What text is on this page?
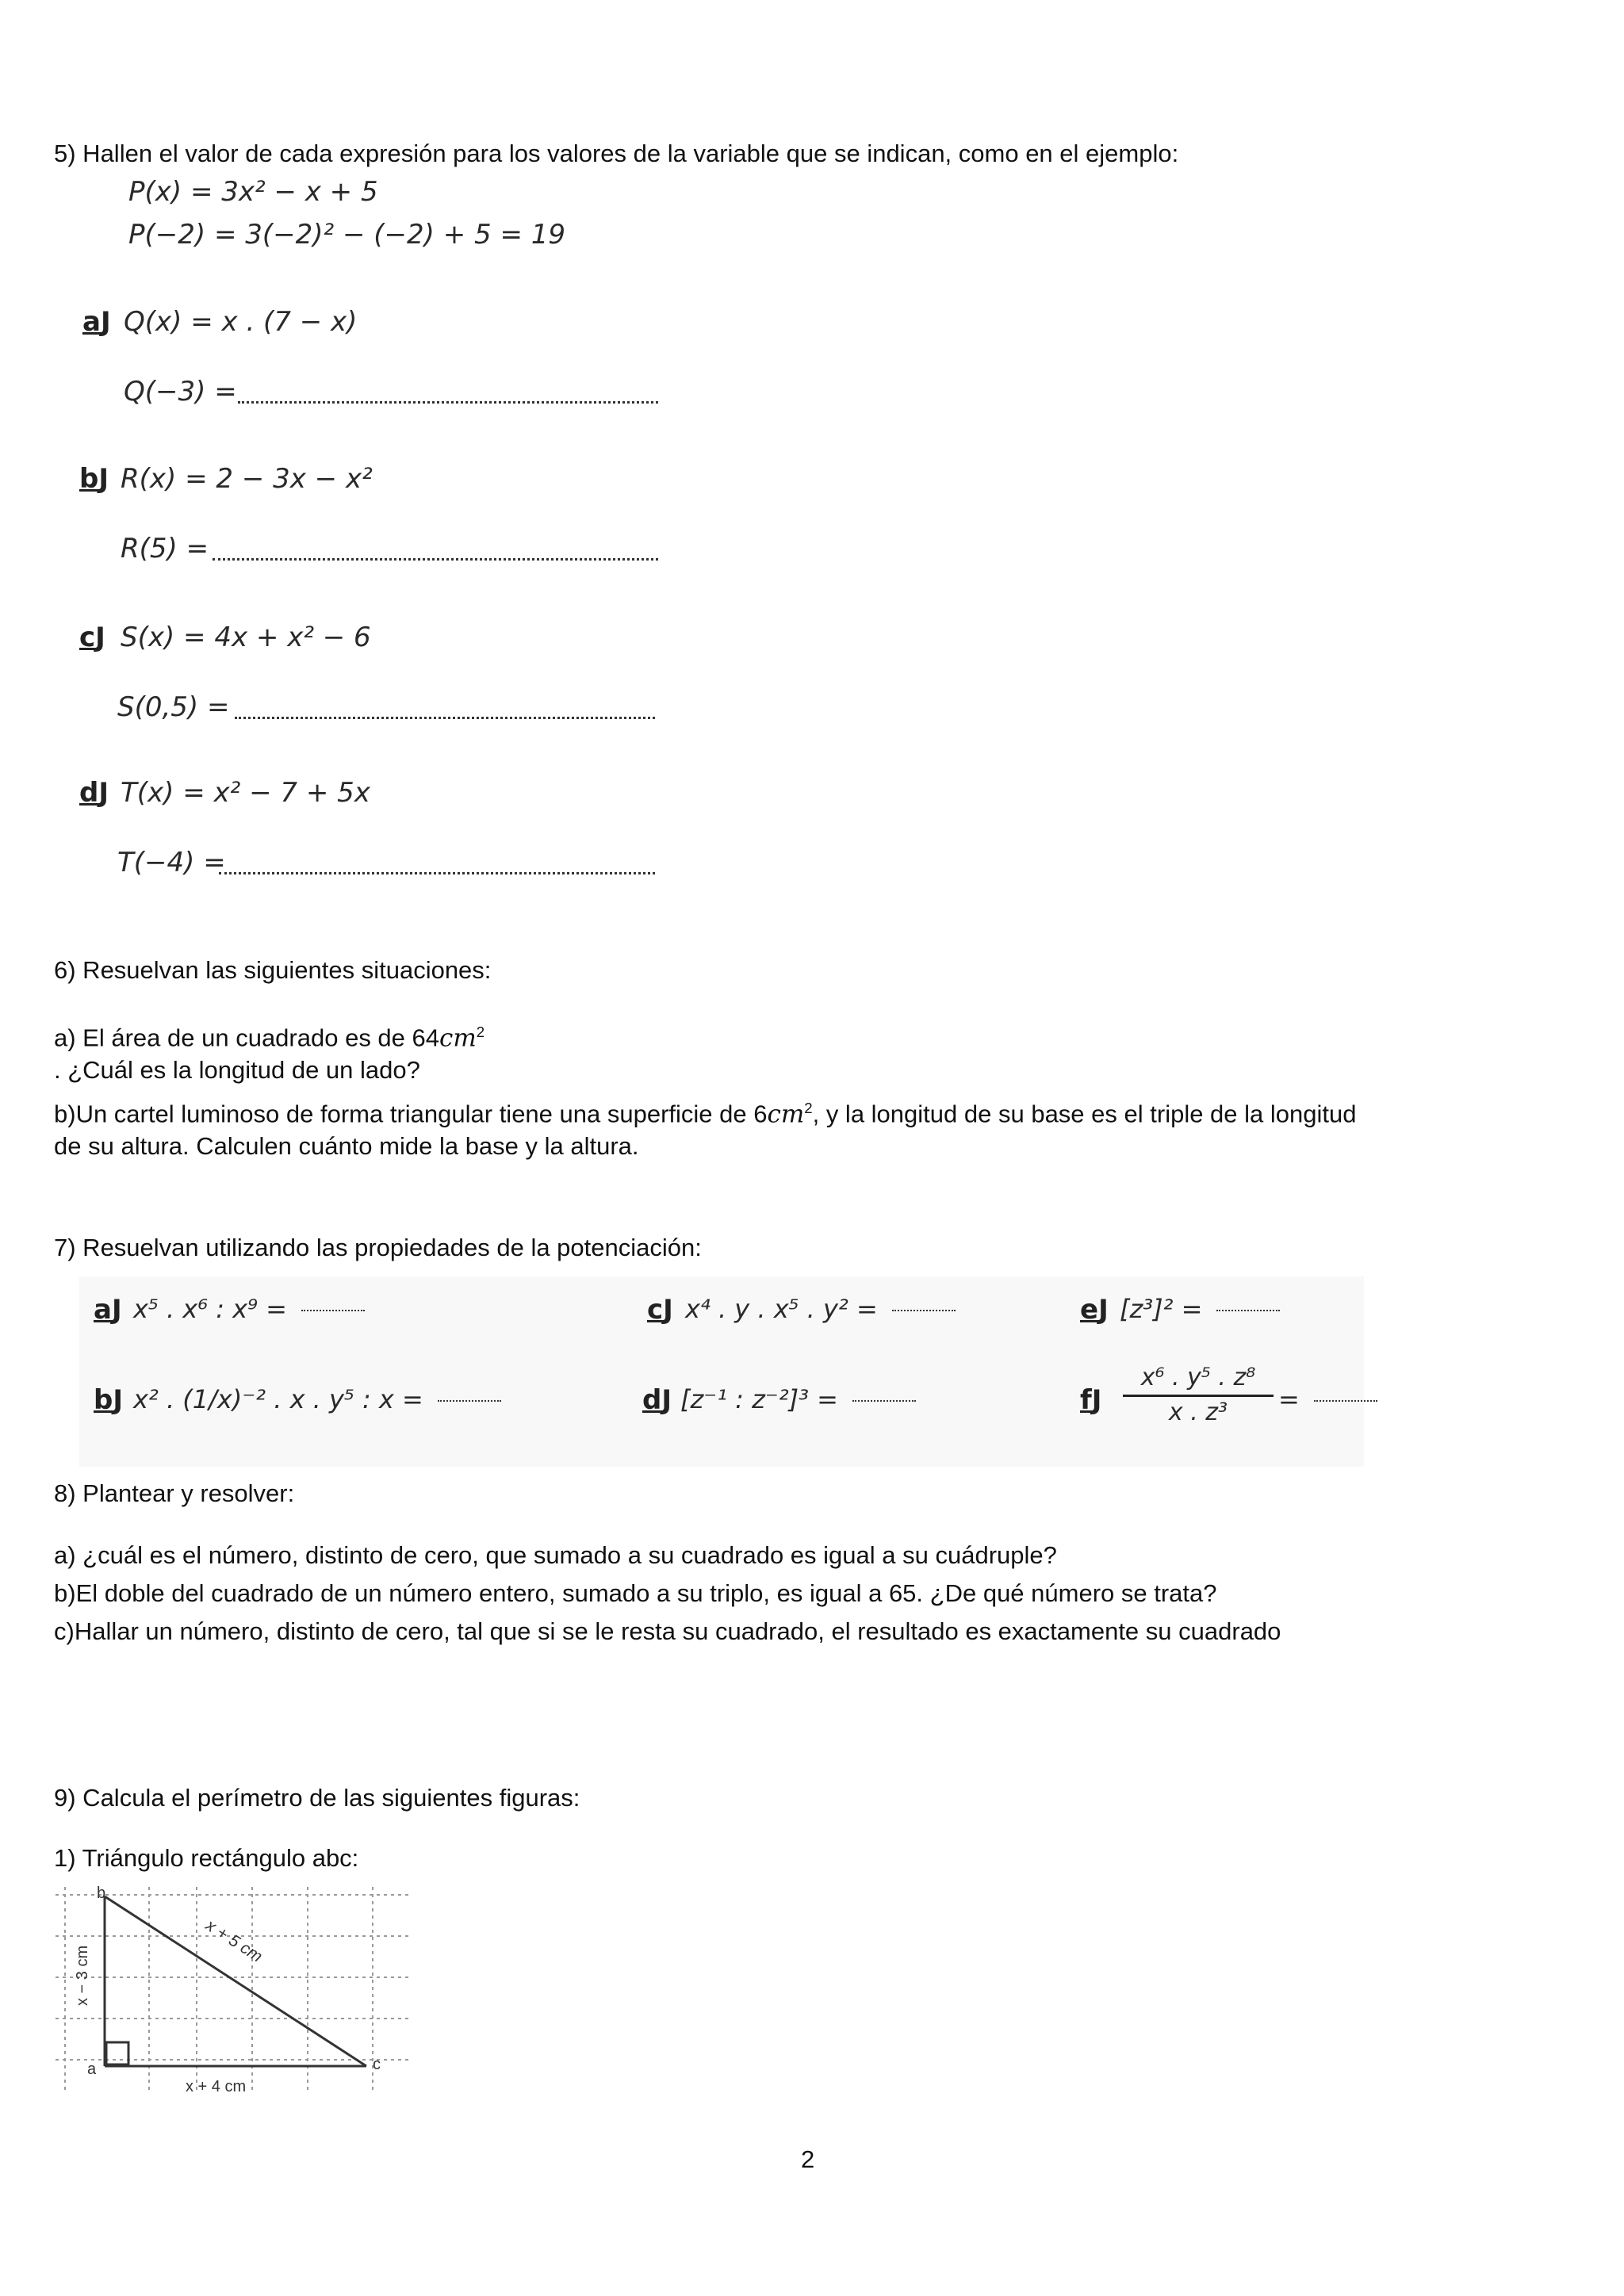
5) Hallen el valor de cada expresión para los valores de la variable que se indican, como en el ejemplo:
P(x) = 3x² − x + 5
P(−2) = 3(−2)² − (−2) + 5 = 19
aJ Q(x) = x . (7 − x)
Q(−3) =
bJ R(x) = 2 − 3x − x²
R(5) =
cJ S(x) = 4x + x² − 6
S(0,5) =
dJ T(x) = x² − 7 + 5x
T(−4) =
6) Resuelvan las siguientes situaciones:
a) El área de un cuadrado es de $64cm^2$
. ¿Cuál es la longitud de un lado?
b)Un cartel luminoso de forma triangular tiene una superficie de $6cm^2$, y la longitud de su base es el triple de la longitud
de su altura. Calculen cuánto mide la base y la altura.
7) Resuelvan utilizando las propiedades de la potenciación:
aJ x⁵ . x⁶ : x⁹ =	cJ x⁴ . y . x⁵ . y² =	eJ [z³]² =
bJ x² . (1/x)⁻² . x . y⁵ : x =	dJ [z⁻¹ : z⁻²]³ =	fJ $\frac{\text{x⁶ . y⁵ . z⁸}}{\text{x . z³}}$ =
8) Plantear y resolver:
a) ¿cuál es el número, distinto de cero, que sumado a su cuadrado es igual a su cuádruple?
b)El doble del cuadrado de un número entero, sumado a su triplo, es igual a 65. ¿De qué número se trata?
c)Hallar un número, distinto de cero, tal que si se le resta su cuadrado, el resultado es exactamente su cuadrado
9) Calcula el perímetro de las siguientes figuras:
1) Triángulo rectángulo abc:
b
a	c
x − 3 cm
x + 5 cm
x + 4 cm
2
